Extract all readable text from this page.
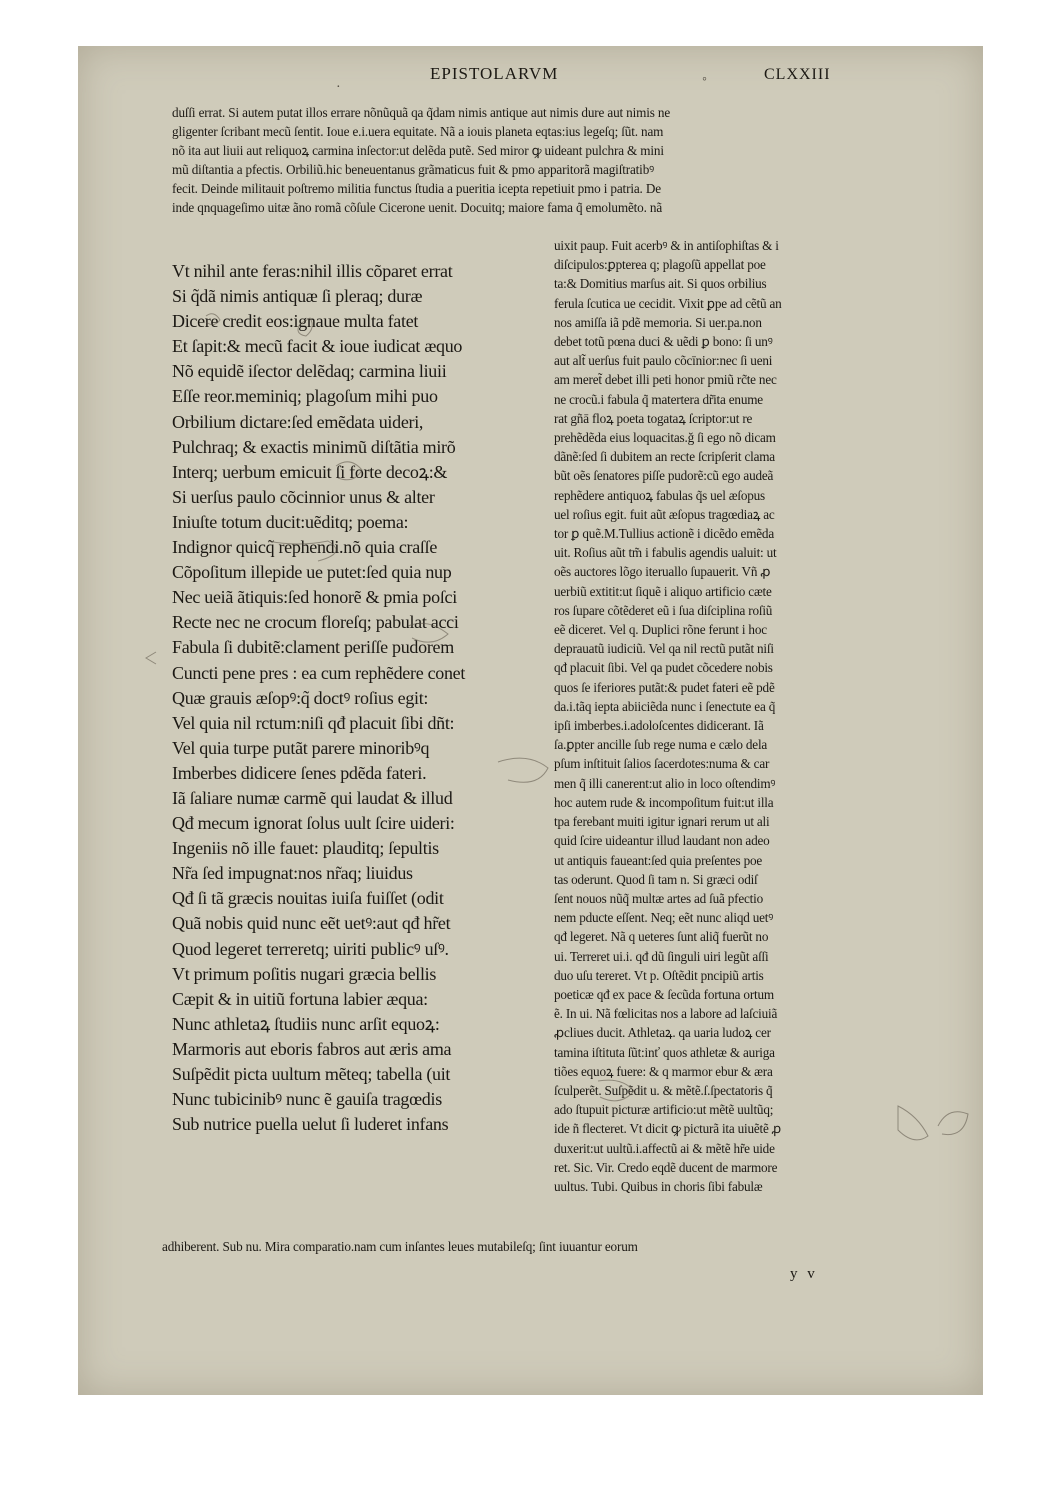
·
EPISTOLARVM	◦	CLXXIII
duſſi errat. Si autem putat illos errare nõnũquã qa q̃dam nimis antique aut nimis dure aut nimis ne
gligenter ſcribant mecũ ſentit. Ioue e.i.uera equitate. Nã a iouis planeta eqtas:ius legeſq; ſũt. nam
nõ ita aut liuii aut reliquoꝝ carmina inſector:ut delẽda putẽ. Sed miror ꝙ uideant pulchra & mini
mũ diſtantia a pfectis. Orbiliũ.hic beneuentanus grãmaticus fuit & pmo apparitorã magiſtratibꝰ
fecit. Deinde militauit poſtremo militia functus ſtudia a pueritia icepta repetiuit pmo i patria. De
inde qnquageſimo uitæ ãno romã cõſule Cicerone uenit. Docuitq; maiore fama q̃ emolumẽto. nã
Vt nihil ante feras:nihil illis cõparet errat
Si q̃dã nimis antiquæ ſi pleraq; duræ
Dicere credit eos:ignaue multa fatet
Et ſapit:& mecũ facit & ioue iudicat æquo
Nõ equidẽ iſector delẽdaq; carmina liuii
Eſſe reor.meminiq; plagoſum mihi puo
Orbilium dictare:ſed emẽdata uideri,
Pulchraq; & exactis minimũ diſtãtia mirõ
Interq; uerbum emicuit ſi forte decoꝝ:&
Si uerſus paulo cõcinnior unus & alter
Iniuſte totum ducit:uẽditq; poema:
Indignor quicq̃ rephendi.nõ quia craſſe
Cõpoſitum illepide ue putet:ſed quia nup
Nec ueiã ãtiquis:ſed honorẽ & pmia poſci
Recte nec ne crocum floreſq; pabulat acci
Fabula ſi dubitẽ:clament periſſe pudorem
Cuncti pene pres : ea cum rephẽdere conet
Quæ grauis æſopꝰ:q̃ doctꝰ roſius egit:
Vel quia nil rctum:niſi qđ placuit ſibi dñt:
Vel quia turpe putãt parere minoribꝰq
Imberbes didicere ſenes pdẽda fateri.
Iã ſaliare numæ carmẽ qui laudat & illud
Qđ mecum ignorat ſolus uult ſcire uideri:
Ingeniis nõ ille fauet: plauditq; ſepultis
Nr̃a ſed impugnat:nos nr̃aq; liuidus
Qđ ſi tã græcis nouitas iuiſa fuiſſet (odit
Quã nobis quid nunc eẽt uetꝰ:aut qđ hr̃et
Quod legeret terreretq; uiriti publicꝰ uſꝰ.
Vt primum poſitis nugari græcia bellis
Cæpit & in uitiũ fortuna labier æqua:
Nunc athletaꝝ ſtudiis nunc arſit equoꝝ:
Marmoris aut eboris fabros aut æris ama
Suſpẽdit picta uultum mẽteq; tabella (uit
Nunc tubicinibꝰ nunc ẽ gauiſa tragœdis
Sub nutrice puella uelut ſi luderet infans
uixit paup. Fuit acerbꝰ & in antiſophiſtas & i
diſcipulos:ꝑpterea q; plagoſũ appellat poe
ta:& Domitius marſus ait. Si quos orbilius
ferula ſcutica ue cecidit. Vixit ꝑpe ad cẽtũ an
nos amiſſa iã pdẽ memoria. Si uer.pa.non
debet totũ pœna duci & uẽdi ꝑ bono: ſi unꝰ
aut alt̃ uerſus fuit paulo cõcīnior:nec ſi ueni
am meret̃ debet illi peti honor pmiũ rc̃te nec
ne crocũ.i fabula q̃ matertera dr̃ita enume
rat gñā floꝝ poeta togataꝝ ſcriptor:ut re
prehẽdẽda eius loquacitas.ğ ſi ego nõ dicam
dãnẽ:ſed ſi dubitem an recte ſcripſerit clama
bũt oẽs ſenatores piſſe pudorẽ:cũ ego audeã
rephẽdere antiquoꝝ fabulas q̃s uel æſopus
uel roſius egit. fuit aũt æſopus tragœdiaꝝ ac
tor ꝑ quẽ.M.Tullius actionẽ i dicẽdo emẽda
uit. Roſius aũt tm̃ i fabulis agendis ualuit: ut
oẽs auctores lõgo iteruallo ſupauerit. Vñ ꝓ
uerbiũ extitit:ut ſiquẽ i aliquo artificio cæte
ros ſupare cõtẽderet eũ i ſua diſciplina roſiũ
eẽ diceret. Vel q. Duplici rõne ferunt i hoc
deprauatũ iudiciũ. Vel qa nil rectũ putãt niſi
qđ placuit ſibi. Vel qa pudet cõcedere nobis
quos ſe iferiores putãt:& pudet fateri eẽ pdẽ
da.i.tãq iepta abiiciẽda nunc i ſenectute ea q̃
ipſi imberbes.i.adoloſcentes didicerant. Iã
ſa.ꝑpter ancille ſub rege numa e cælo dela
pſum inſtituit ſalios ſacerdotes:numa & car
men q̃ illi canerent:ut alio in loco oſtendimꝰ
hoc autem rude & incompoſitum fuit:ut illa
tpa ferebant muiti igitur ignari rerum ut ali
quid ſcire uideantur illud laudant non adeo
ut antiquis faueant:ſed quia preſentes poe
tas oderunt. Quod ſi tam n. Si græci odiſ
ſent nouos nũq̃ multæ artes ad ſuã pfectio
nem pducte eſſent. Neq; eẽt nunc aliqd uetꝰ
qđ legeret. Nã q ueteres ſunt aliq̃ fuerũt no
ui. Terreret ui.i. qđ dũ ſinguli uiri legũt aſſi
duo uſu tereret. Vt p. Oſtẽdit pncipiũ artis
poeticæ qđ ex pace & ſecũda fortuna ortum
ẽ. In ui. Nã fœlicitas nos a labore ad laſciuiã
ꝓcliues ducit. Athletaꝝ. qa uaria ludoꝝ cer
tamina iſtituta ſũt:inť quos athletæ & auriga
tiões equoꝝ fuere: & q marmor ebur & æra
ſculperẽt. Suſpẽdit u. & mẽtẽ.ſ.ſpectatoris q̃
ado ſtupuit picturæ artificio:ut mẽtẽ uultũq;
ide ñ flecteret. Vt dicit ꝙ picturã ita uiuẽtẽ ꝓ
duxerit:ut uultũ.i.affectũ ai & mẽtẽ hr̃e uide
ret. Sic. Vir. Credo eqdẽ ducent de marmore
uultus. Tubi. Quibus in choris ſibi fabulæ
adhiberent. Sub nu. Mira comparatio.nam cum inſantes leues mutabileſq; ſint iuuantur eorum
y v
